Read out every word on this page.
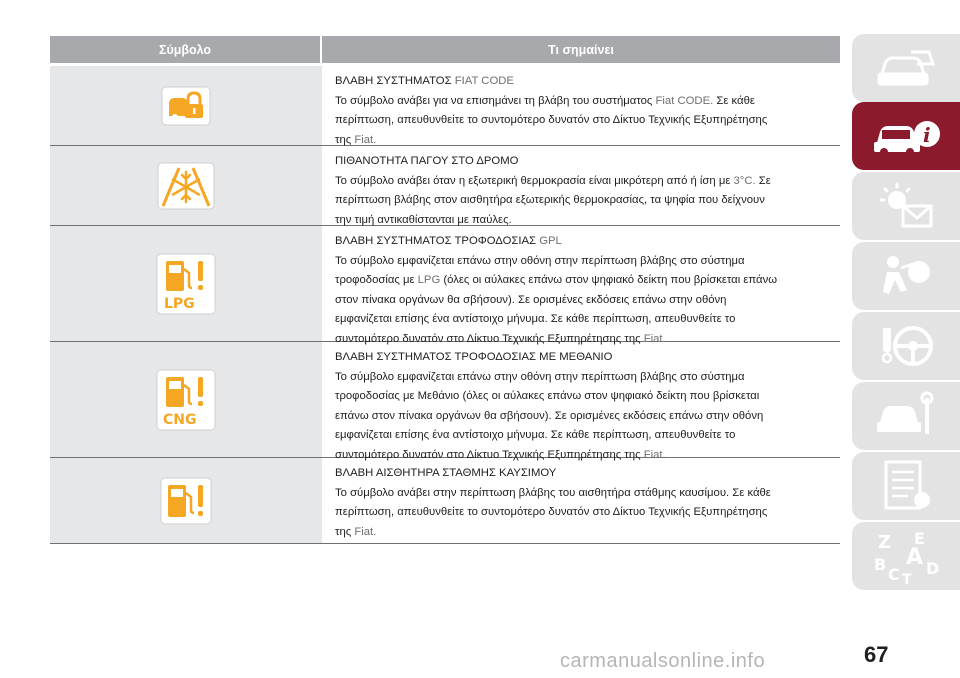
Σύμβολο	Τι σημαίνει
ΒΛΑΒΗ ΣΥΣΤΗΜΑΤΟΣ FIAT CODE
Το σύμβολο ανάβει για να επισημάνει τη βλάβη του συστήματος Fiat CODE. Σε κάθε
περίπτωση, απευθυνθείτε το συντομότερο δυνατόν στο Δίκτυο Τεχνικής Εξυπηρέτησης
της Fiat.
ΠΙΘΑΝΟΤΗΤΑ ΠΑΓΟΥ ΣΤΟ ΔΡΟΜΟ
Το σύμβολο ανάβει όταν η εξωτερική θερμοκρασία είναι μικρότερη από ή ίση με 3°C. Σε
περίπτωση βλάβης στον αισθητήρα εξωτερικής θερμοκρασίας, τα ψηφία που δείχνουν
την τιμή αντικαθίστανται με παύλες.
LPG
ΒΛΑΒΗ ΣΥΣΤΗΜΑΤΟΣ ΤΡΟΦΟΔΟΣΙΑΣ GPL
Το σύμβολο εμφανίζεται επάνω στην οθόνη στην περίπτωση βλάβης στο σύστημα
τροφοδοσίας με LPG (όλες οι αύλακες επάνω στον ψηφιακό δείκτη που βρίσκεται επάνω
στον πίνακα οργάνων θα σβήσουν). Σε ορισμένες εκδόσεις επάνω στην οθόνη
εμφανίζεται επίσης ένα αντίστοιχο μήνυμα. Σε κάθε περίπτωση, απευθυνθείτε το
συντομότερο δυνατόν στο Δίκτυο Τεχνικής Εξυπηρέτησης της Fiat.
CNG
ΒΛΑΒΗ ΣΥΣΤΗΜΑΤΟΣ ΤΡΟΦΟΔΟΣΙΑΣ ΜΕ ΜΕΘΑΝΙΟ
Το σύμβολο εμφανίζεται επάνω στην οθόνη στην περίπτωση βλάβης στο σύστημα
τροφοδοσίας με Μεθάνιο (όλες οι αύλακες επάνω στον ψηφιακό δείκτη που βρίσκεται
επάνω στον πίνακα οργάνων θα σβήσουν). Σε ορισμένες εκδόσεις επάνω στην οθόνη
εμφανίζεται επίσης ένα αντίστοιχο μήνυμα. Σε κάθε περίπτωση, απευθυνθείτε το
συντομότερο δυνατόν στο Δίκτυο Τεχνικής Εξυπηρέτησης της Fiat.
ΒΛΑΒΗ ΑΙΣΘΗΤΗΡΑ ΣΤΑΘΜΗΣ ΚΑΥΣΙΜΟΥ
Το σύμβολο ανάβει στην περίπτωση βλάβης του αισθητήρα στάθμης καυσίμου. Σε κάθε
περίπτωση, απευθυνθείτε το συντομότερο δυνατόν στο Δίκτυο Τεχνικής Εξυπηρέτησης
της Fiat.
i
Z E
A
B
C D
T
carmanualsonline.info	67
